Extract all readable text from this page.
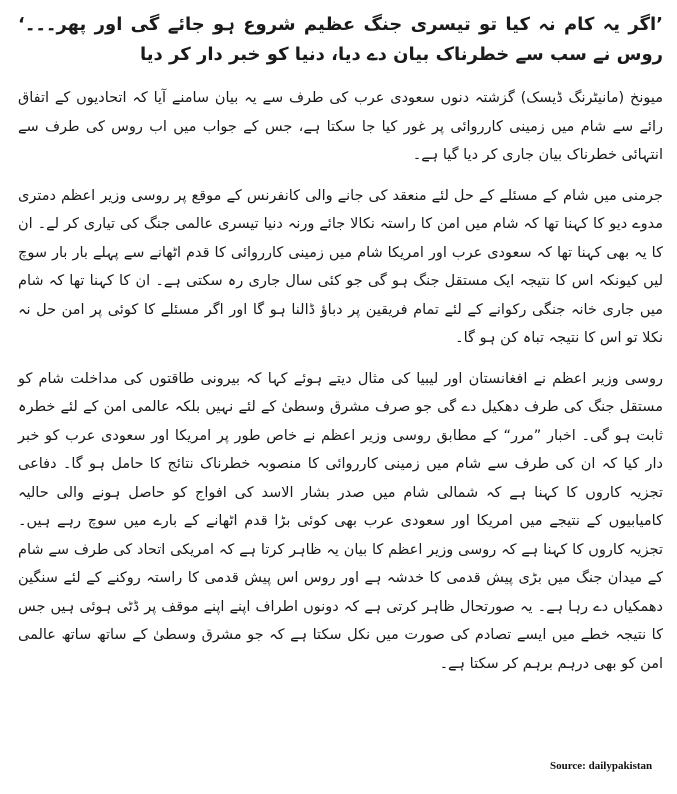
’اگر یہ کام نہ کیا تو تیسری جنگ عظیم شروع ہو جائے گی اور پھر۔۔۔‘ روس نے سب سے خطرناک بیان دے دیا، دنیا کو خبر دار کر دیا
میونخ (مانیٹرنگ ڈیسک) گزشتہ دنوں سعودی عرب کی طرف سے یہ بیان سامنے آیا کہ اتحادیوں کے اتفاق رائے سے شام میں زمینی کارروائی پر غور کیا جا سکتا ہے، جس کے جواب میں اب روس کی طرف سے انتہائی خطرناک بیان جاری کر دیا گیا ہے۔
جرمنی میں شام کے مسئلے کے حل لئے منعقد کی جانے والی کانفرنس کے موقع پر روسی وزیر اعظم دمتری مدوے دیو کا کہنا تھا کہ شام میں امن کا راستہ نکالا جائے ورنہ دنیا تیسری عالمی جنگ کی تیاری کر لے۔ ان کا یہ بھی کہنا تھا کہ سعودی عرب اور امریکا شام میں زمینی کارروائی کا قدم اٹھانے سے پہلے بار بار سوچ لیں کیونکہ اس کا نتیجہ ایک مستقل جنگ ہو گی جو کئی سال جاری رہ سکتی ہے۔ ان کا کہنا تھا کہ شام میں جاری خانہ جنگی رکوانے کے لئے تمام فریقین پر دباﺅ ڈالنا ہو گا اور اگر مسئلے کا کوئی پر امن حل نہ نکلا تو اس کا نتیجہ تباہ کن ہو گا۔
روسی وزیر اعظم نے افغانستان اور لیبیا کی مثال دیتے ہوئے کہا کہ بیرونی طاقتوں کی مداخلت شام کو مستقل جنگ کی طرف دھکیل دے گی جو صرف مشرق وسطیٰ کے لئے نہیں بلکہ عالمی امن کے لئے خطرہ ثابت ہو گی۔ اخبار ”مرر“ کے مطابق روسی وزیر اعظم نے خاص طور پر امریکا اور سعودی عرب کو خبر دار کیا کہ ان کی طرف سے شام میں زمینی کارروائی کا منصوبہ خطرناک نتائج کا حامل ہو گا۔ دفاعی تجزیہ کاروں کا کہنا ہے کہ شمالی شام میں صدر بشار الاسد کی افواج کو حاصل ہونے والی حالیہ کامیابیوں کے نتیجے میں امریکا اور سعودی عرب بھی کوئی بڑا قدم اٹھانے کے بارے میں سوچ رہے ہیں۔ تجزیہ کاروں کا کہنا ہے کہ روسی وزیر اعظم کا بیان یہ ظاہر کرتا ہے کہ امریکی اتحاد کی طرف سے شام کے میدان جنگ میں بڑی پیش قدمی کا خدشہ ہے اور روس اس پیش قدمی کا راستہ روکنے کے لئے سنگین دھمکیاں دے رہا ہے۔ یہ صورتحال ظاہر کرتی ہے کہ دونوں اطراف اپنے اپنے موقف پر ڈٹی ہوئی ہیں جس کا نتیجہ خطے میں ایسے تصادم کی صورت میں نکل سکتا ہے کہ جو مشرق وسطیٰ کے ساتھ ساتھ عالمی امن کو بھی درہم برہم کر سکتا ہے۔
Source: dailypakistan
